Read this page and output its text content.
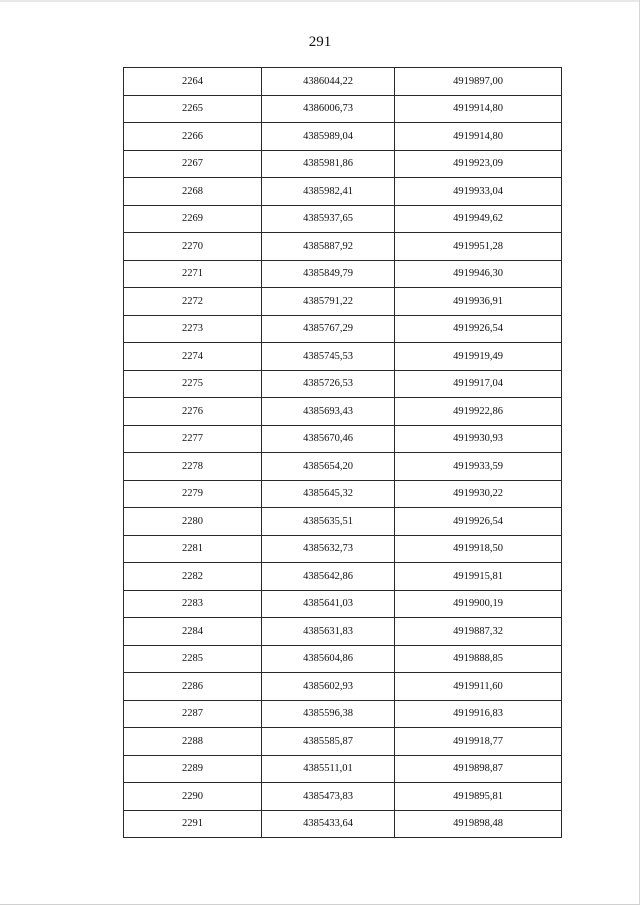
291
2264	4386044,22	4919897,00
2265	4386006,73	4919914,80
2266	4385989,04	4919914,80
2267	4385981,86	4919923,09
2268	4385982,41	4919933,04
2269	4385937,65	4919949,62
2270	4385887,92	4919951,28
2271	4385849,79	4919946,30
2272	4385791,22	4919936,91
2273	4385767,29	4919926,54
2274	4385745,53	4919919,49
2275	4385726,53	4919917,04
2276	4385693,43	4919922,86
2277	4385670,46	4919930,93
2278	4385654,20	4919933,59
2279	4385645,32	4919930,22
2280	4385635,51	4919926,54
2281	4385632,73	4919918,50
2282	4385642,86	4919915,81
2283	4385641,03	4919900,19
2284	4385631,83	4919887,32
2285	4385604,86	4919888,85
2286	4385602,93	4919911,60
2287	4385596,38	4919916,83
2288	4385585,87	4919918,77
2289	4385511,01	4919898,87
2290	4385473,83	4919895,81
2291	4385433,64	4919898,48
